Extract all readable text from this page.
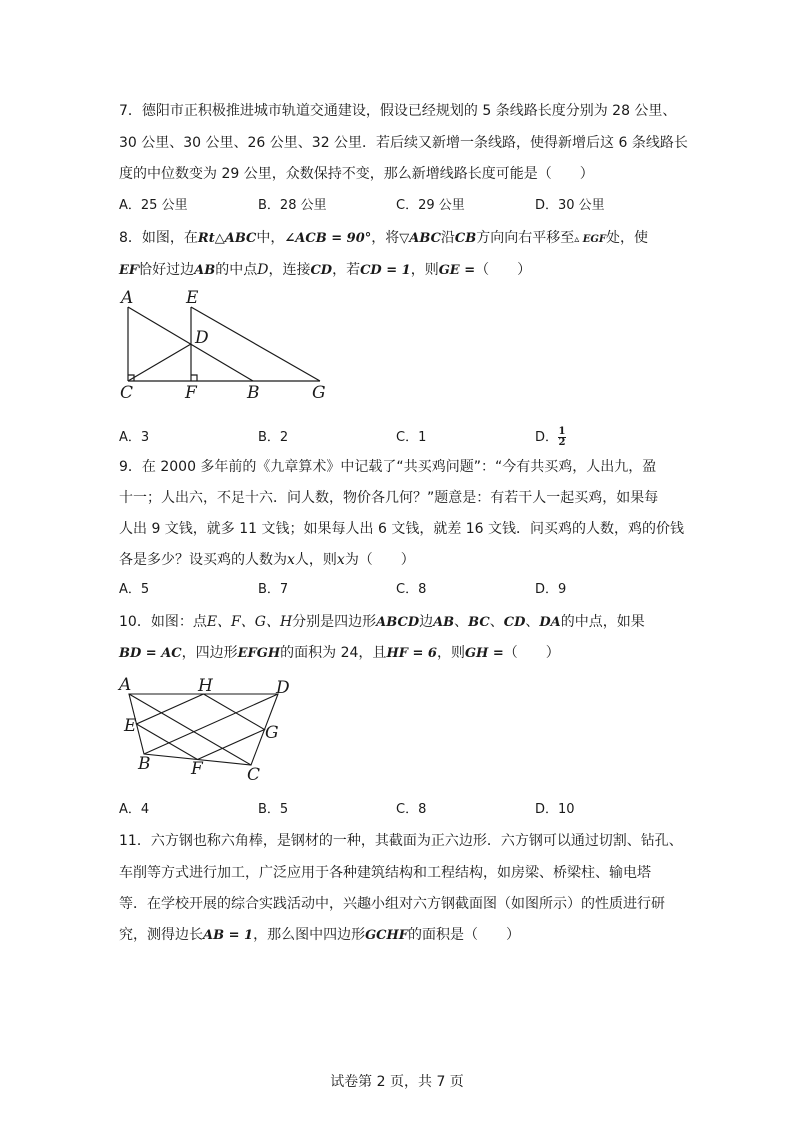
7．德阳市正积极推进城市轨道交通建设，假设已经规划的 5 条线路长度分别为 28 公里、
30 公里、30 公里、26 公里、32 公里．若后续又新增一条线路，使得新增后这 6 条线路长
度的中位数变为 29 公里，众数保持不变，那么新增线路长度可能是（　　）
A．25 公里	B．28 公里	C．29 公里	D．30 公里
8．如图，在Rt△ABC中，∠ACB = 90°，将▽ABC沿CB方向向右平移至▵ EGF处，使
EF恰好过边AB的中点D，连接CD，若CD = 1，则GE =（　　）
A	E
D
C	F	B	G
A．3	B．2	C．1	D． $\frac{1}{2}$
9．在 2000 多年前的《九章算术》中记载了“共买鸡问题”：“今有共买鸡，人出九，盈
十一；人出六，不足十六．问人数，物价各几何？”题意是：有若干人一起买鸡，如果每
人出 9 文钱，就多 11 文钱；如果每人出 6 文钱，就差 16 文钱．问买鸡的人数，鸡的价钱
各是多少？设买鸡的人数为x人，则x为（　　）
A．5	B．7	C．8	D．9
10．如图：点E、F、G、H分别是四边形ABCD边AB、BC、CD、DA的中点，如果
BD = AC，四边形EFGH的面积为 24，且HF = 6，则GH =（　　）
A	H	D
E	G
B F	C
A．4	B．5	C．8	D．10
11．六方钢也称六角棒，是钢材的一种，其截面为正六边形．六方钢可以通过切割、钻孔、
车削等方式进行加工，广泛应用于各种建筑结构和工程结构，如房梁、桥梁柱、输电塔
等．在学校开展的综合实践活动中，兴趣小组对六方钢截面图（如图所示）的性质进行研
究，测得边长AB = 1，那么图中四边形GCHF的面积是（　　）
试卷第 2 页，共 7 页
